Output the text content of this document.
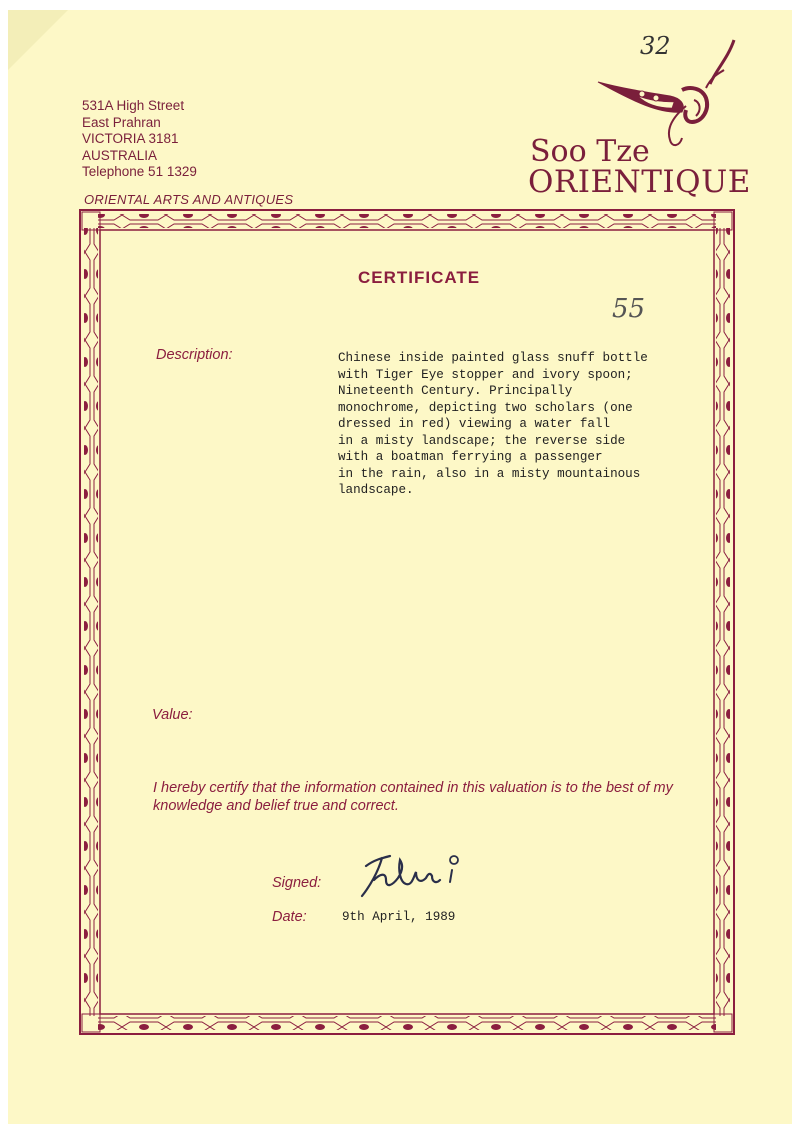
531A High Street
East Prahran
VICTORIA 3181
AUSTRALIA
Telephone 51 1329
ORIENTAL ARTS AND ANTIQUES
32
Soo Tze
ORIENTIQUE
CERTIFICATE
55
Description:	Chinese inside painted glass snuff bottle
with Tiger Eye stopper and ivory spoon;
Nineteenth Century. Principally
monochrome, depicting two scholars (one
dressed in red) viewing a water fall
in a misty landscape; the reverse side
with a boatman ferrying a passenger
in the rain, also in a misty mountainous
landscape.
Value:
I hereby certify that the information contained in this valuation is to the best of my knowledge and belief true and correct.
Signed:
Date:	9th April, 1989
